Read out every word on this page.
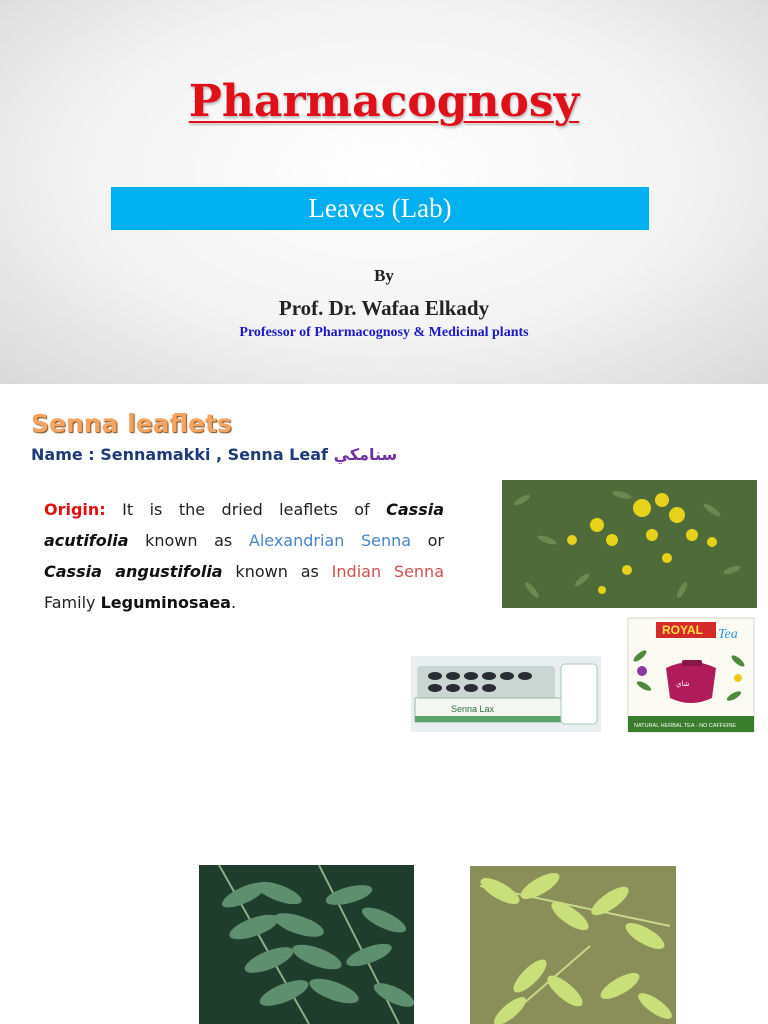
Pharmacognosy
Leaves (Lab)
By
Prof. Dr. Wafaa Elkady
Professor of Pharmacognosy & Medicinal plants
Senna leaflets
Name : Sennamakki , Senna Leaf سنامكي

Origin: It is the dried leaflets of Cassia acutifolia known as Alexandrian Senna or Cassia angustifolia known as Indian Senna Family Leguminosaea.

Senna Lax
ROYAL Tea
شاي
NATURAL HERBAL TEA - NO CAFFEINE
